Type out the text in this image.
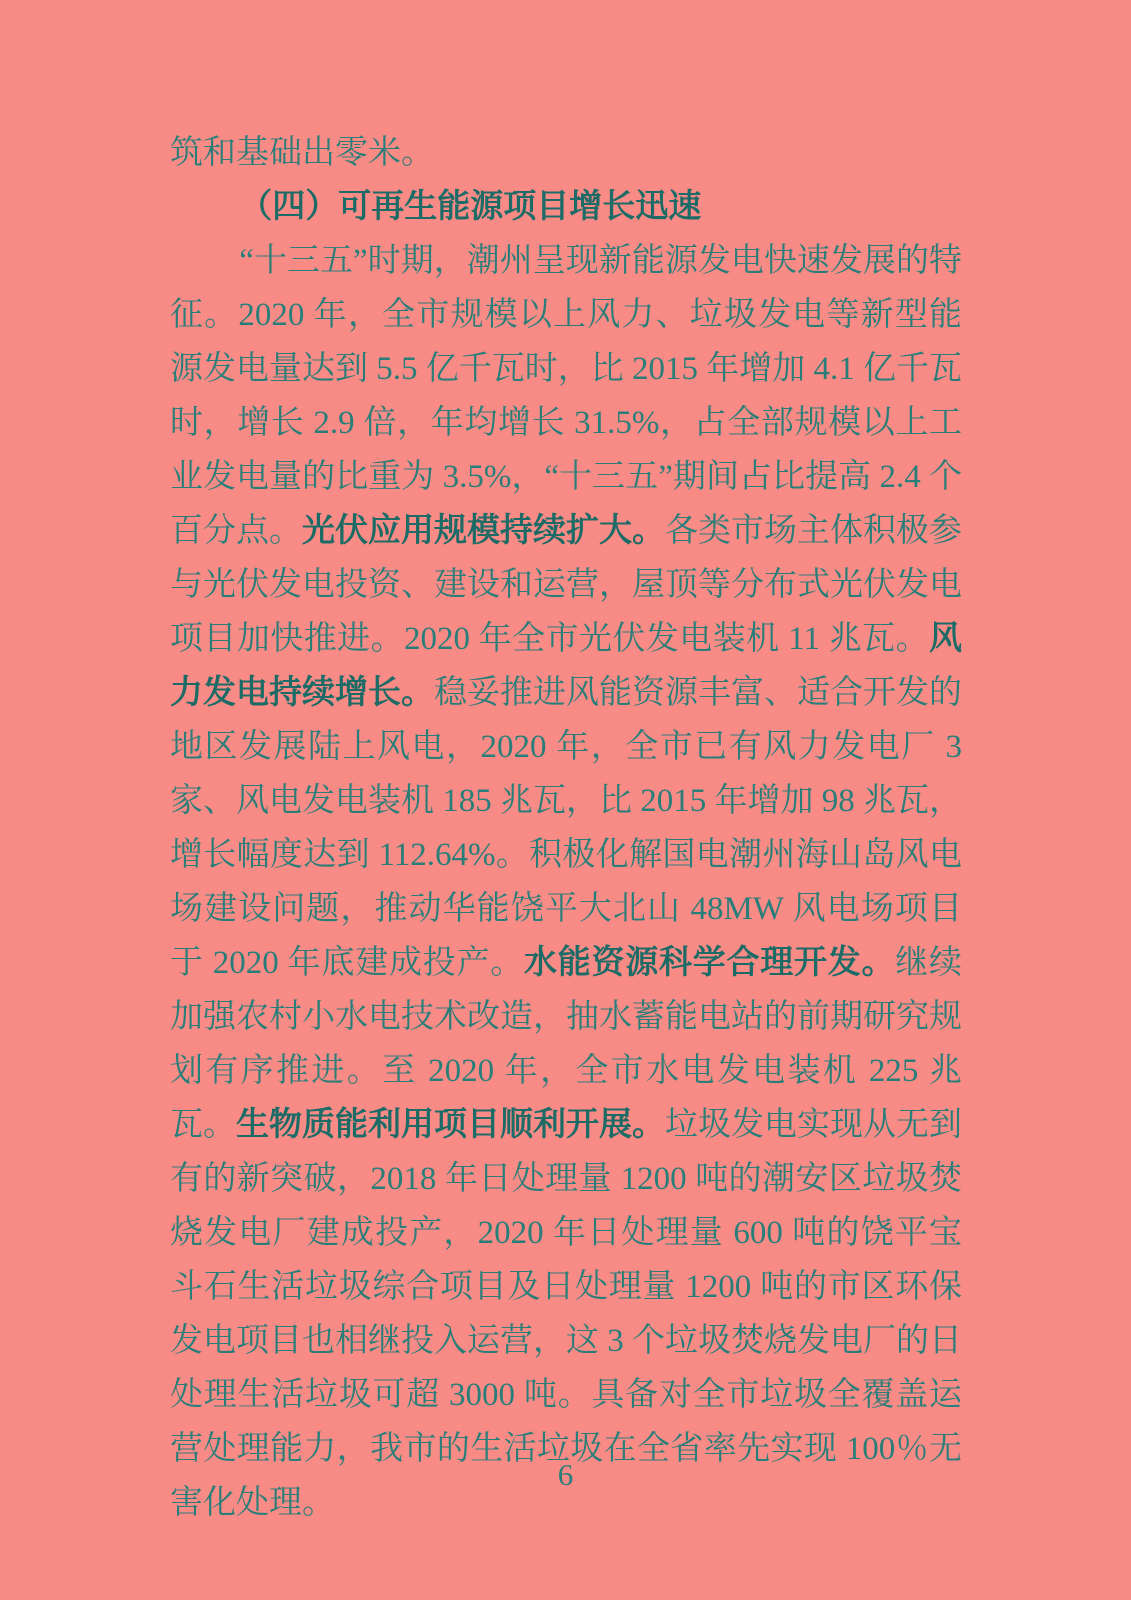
筑和基础出零米。

（四）可再生能源项目增长迅速

“十三五”时期，潮州呈现新能源发电快速发展的特征。2020 年，全市规模以上风力、垃圾发电等新型能源发电量达到 5.5 亿千瓦时，比 2015 年增加 4.1 亿千瓦时，增长 2.9 倍，年均增长 31.5%，占全部规模以上工业发电量的比重为 3.5%，“十三五”期间占比提高 2.4 个百分点。光伏应用规模持续扩大。各类市场主体积极参与光伏发电投资、建设和运营，屋顶等分布式光伏发电项目加快推进。2020 年全市光伏发电装机 11 兆瓦。风力发电持续增长。稳妥推进风能资源丰富、适合开发的地区发展陆上风电，2020 年，全市已有风力发电厂 3 家、风电发电装机 185 兆瓦，比 2015 年增加 98 兆瓦，增长幅度达到 112.64%。积极化解国电潮州海山岛风电场建设问题，推动华能饶平大北山 48MW 风电场项目于 2020 年底建成投产。水能资源科学合理开发。继续加强农村小水电技术改造，抽水蓄能电站的前期研究规划有序推进。至 2020 年，全市水电发电装机 225 兆瓦。生物质能利用项目顺利开展。垃圾发电实现从无到有的新突破，2018 年日处理量 1200 吨的潮安区垃圾焚烧发电厂建成投产，2020 年日处理量 600 吨的饶平宝斗石生活垃圾综合项目及日处理量 1200 吨的市区环保发电项目也相继投入运营，这 3 个垃圾焚烧发电厂的日处理生活垃圾可超 3000 吨。具备对全市垃圾全覆盖运营处理能力，我市的生活垃圾在全省率先实现 100％无害化处理。

6
